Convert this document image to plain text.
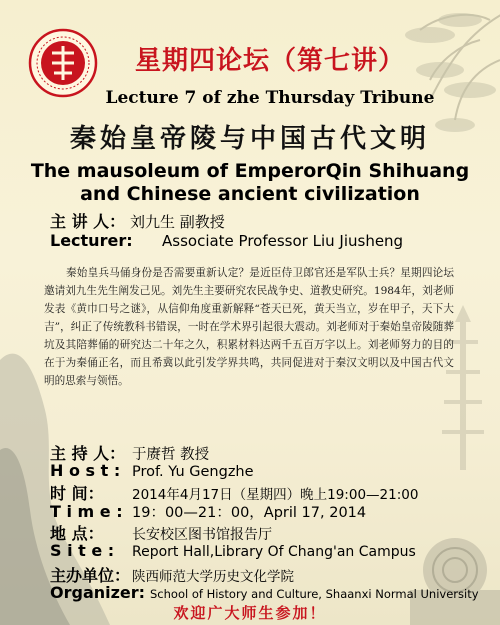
星期四论坛（第七讲）
Lecture 7 of zhe Thursday Tribune
秦始皇帝陵与中国古代文明
The mausoleum of EmperorQin Shihuang and Chinese ancient civilization
主 讲 人： 刘九生 副教授
Lecturer: Associate Professor Liu Jiusheng

秦始皇兵马俑身份是否需要重新认定？是近臣侍卫郎官还是军队士兵？星期四论坛邀请刘九生先生阐发己见。刘先生主要研究农民战争史、道教史研究。1984年，刘老师发表《黄巾口号之谜》，从信仰角度重新解释“苍天已死，黄天当立，岁在甲子，天下大吉”，纠正了传统教科书错误，一时在学术界引起很大震动。刘老师对于秦始皇帝陵随葬坑及其陪葬俑的研究达二十年之久，积累材料达两千五百万字以上。刘老师努力的目的在于为秦俑正名，而且希冀以此引发学界共鸣，共同促进对于秦汉文明以及中国古代文明的思索与领悟。

主 持 人： 于赓哲 教授
H o s t : Prof. Yu Gengzhe
时 间： 2014年4月17日（星期四）晚上19:00—21:00
T i m e : 19：00—21：00，April 17, 2014
地 点： 长安校区图书馆报告厅
S i t e : Report Hall,Library Of Chang'an Campus
欢迎广大师生参加！
主办单位： 陕西师范大学历史文化学院
Organizer: School of History and Culture, Shaanxi Normal University
